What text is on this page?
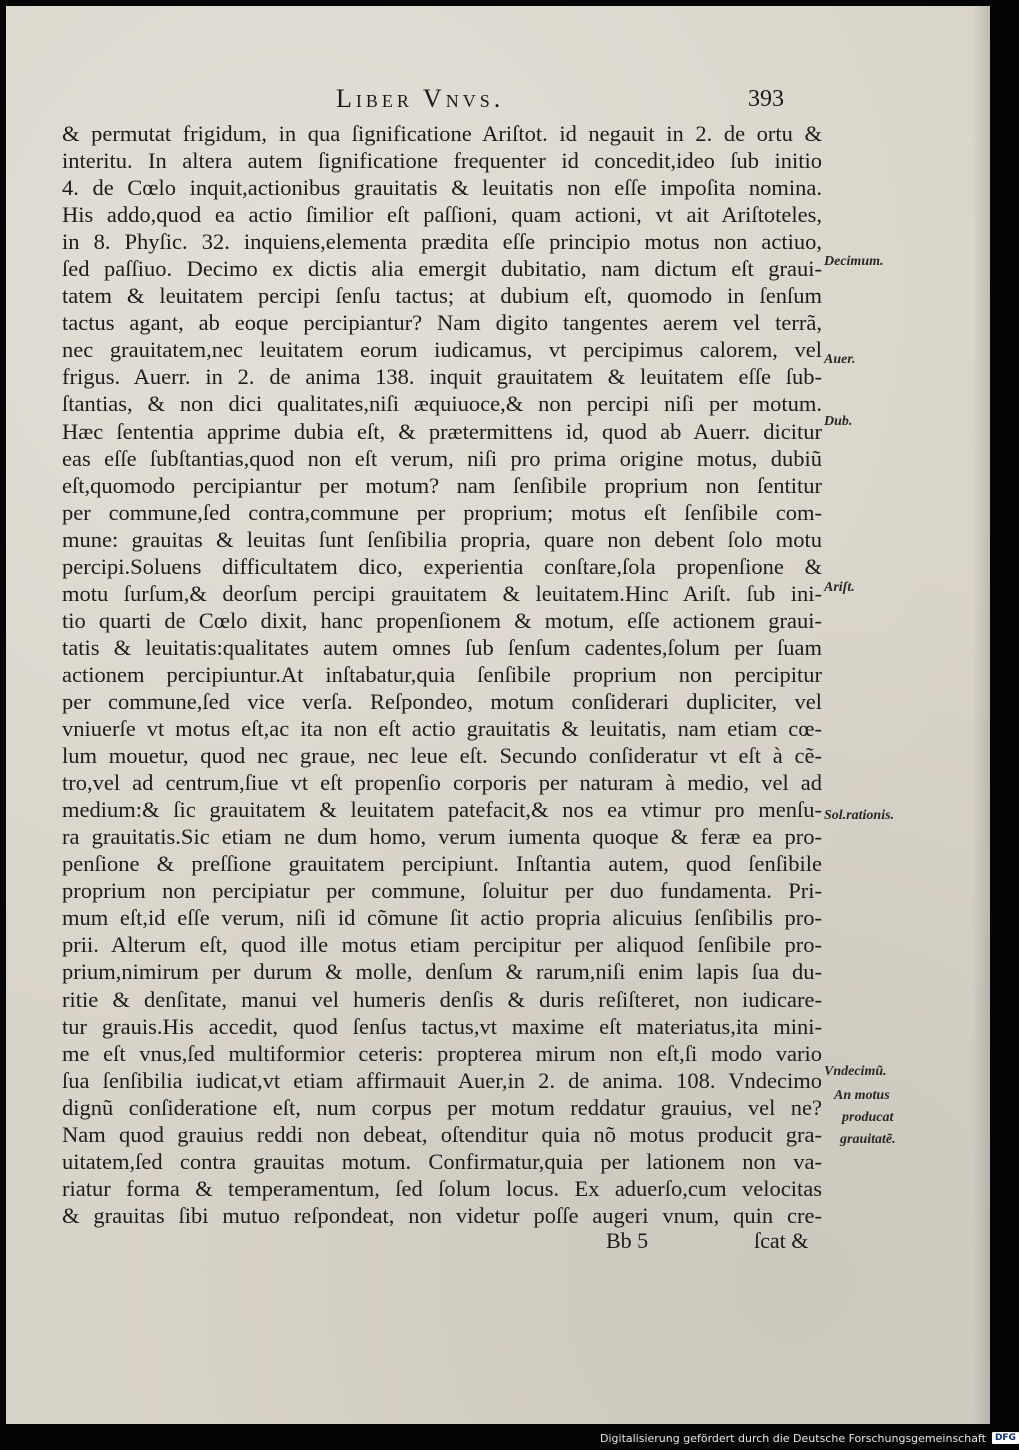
Liber Vnvs.	393
& permutat frigidum, in qua ſignificatione Ariſtot. id negauit in 2. de ortu &
interitu. In altera autem ſignificatione frequenter id concedit,ideo ſub initio
4. de Cœlo inquit,actionibus grauitatis & leuitatis non eſſe impoſita nomina.
His addo,quod ea actio ſimilior eſt paſſioni, quam actioni, vt ait Ariſtoteles,
in 8. Phyſic. 32. inquiens,elementa prædita eſſe principio motus non actiuo,
ſed paſſiuo. Decimo ex dictis alia emergit dubitatio, nam dictum eſt graui-
tatem & leuitatem percipi ſenſu tactus; at dubium eſt, quomodo in ſenſum
tactus agant, ab eoque percipiantur? Nam digito tangentes aerem vel terrã,
nec grauitatem,nec leuitatem eorum iudicamus, vt percipimus calorem, vel
frigus. Auerr. in 2. de anima 138. inquit grauitatem & leuitatem eſſe ſub-
ſtantias, & non dici qualitates,niſi æquiuoce,& non percipi niſi per motum.
Hæc ſententia apprime dubia eſt, & prætermittens id, quod ab Auerr. dicitur
eas eſſe ſubſtantias,quod non eſt verum, niſi pro prima origine motus, dubiũ
eſt,quomodo percipiantur per motum? nam ſenſibile proprium non ſentitur
per commune,ſed contra,commune per proprium; motus eſt ſenſibile com-
mune: grauitas & leuitas ſunt ſenſibilia propria, quare non debent ſolo motu
percipi.Soluens difficultatem dico, experientia conſtare,ſola propenſione &
motu ſurſum,& deorſum percipi grauitatem & leuitatem.Hinc Ariſt. ſub ini-
tio quarti de Cœlo dixit, hanc propenſionem & motum, eſſe actionem graui-
tatis & leuitatis:qualitates autem omnes ſub ſenſum cadentes,ſolum per ſuam
actionem percipiuntur.At inſtabatur,quia ſenſibile proprium non percipitur
per commune,ſed vice verſa. Reſpondeo, motum conſiderari dupliciter, vel
vniuerſe vt motus eſt,ac ita non eſt actio grauitatis & leuitatis, nam etiam cœ-
lum mouetur, quod nec graue, nec leue eſt. Secundo conſideratur vt eſt à cẽ-
tro,vel ad centrum,ſiue vt eſt propenſio corporis per naturam à medio, vel ad
medium:& ſic grauitatem & leuitatem patefacit,& nos ea vtimur pro menſu-
ra grauitatis.Sic etiam ne dum homo, verum iumenta quoque & feræ ea pro-
penſione & preſſione grauitatem percipiunt. Inſtantia autem, quod ſenſibile
proprium non percipiatur per commune, ſoluitur per duo fundamenta. Pri-
mum eſt,id eſſe verum, niſi id cõmune ſit actio propria alicuius ſenſibilis pro-
prii. Alterum eſt, quod ille motus etiam percipitur per aliquod ſenſibile pro-
prium,nimirum per durum & molle, denſum & rarum,niſi enim lapis ſua du-
ritie & denſitate, manui vel humeris denſis & duris reſiſteret, non iudicare-
tur grauis.His accedit, quod ſenſus tactus,vt maxime eſt materiatus,ita mini-
me eſt vnus,ſed multiformior ceteris: propterea mirum non eſt,ſi modo vario
ſua ſenſibilia iudicat,vt etiam affirmauit Auer,in 2. de anima. 108. Vndecimo
dignũ conſideratione eſt, num corpus per motum reddatur grauius, vel ne?
Nam quod grauius reddi non debeat, oſtenditur quia nõ motus producit gra-
uitatem,ſed contra grauitas motum. Confirmatur,quia per lationem non va-
riatur forma & temperamentum, ſed ſolum locus. Ex aduerſo,cum velocitas
& grauitas ſibi mutuo reſpondeat, non videtur poſſe augeri vnum, quin cre-
Bb 5	ſcat &
Decimum.
Auer.
Dub.
Ariſt.
Sol.rationis.
Vndecimũ.
An motus
producat
grauitatẽ.
Digitalisierung gefördert durch die Deutsche Forschungsgemeinschaft	DFG
